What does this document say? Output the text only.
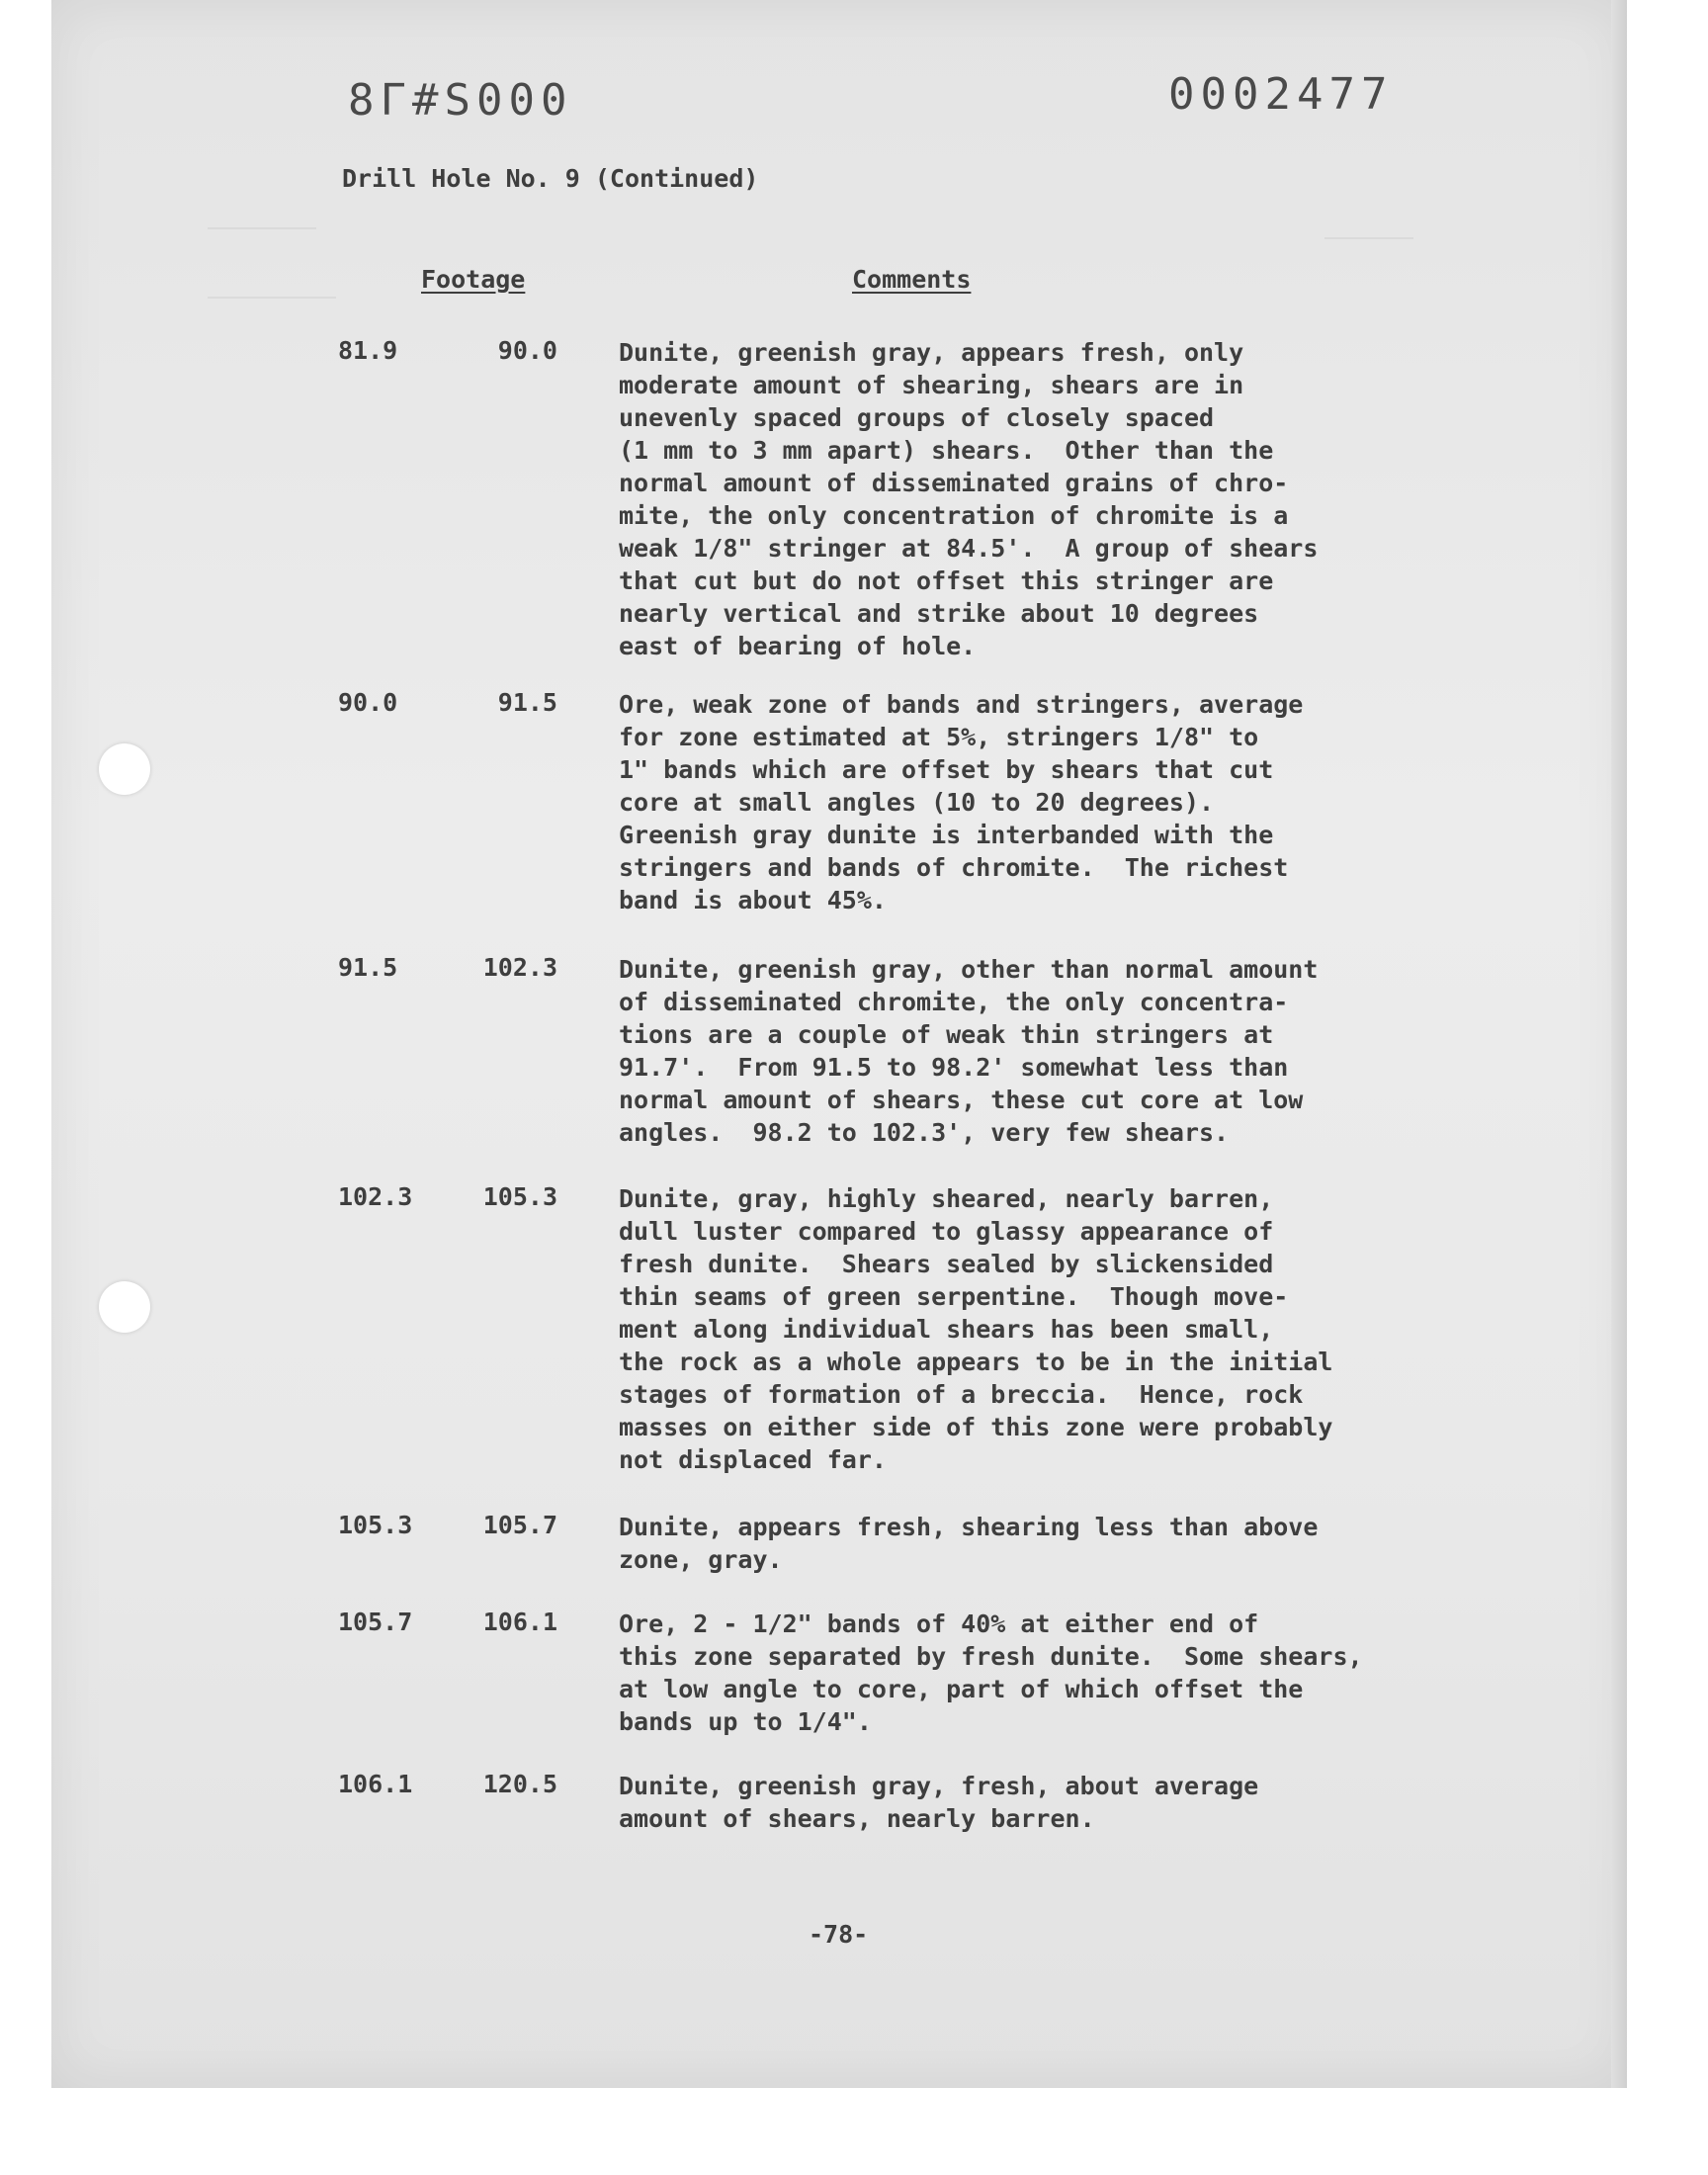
8Г#S000	0002477
Drill Hole No. 9 (Continued)
Footage	Comments
81.9	90.0 Dunite, greenish gray, appears fresh, only
moderate amount of shearing, shears are in
unevenly spaced groups of closely spaced
(1 mm to 3 mm apart) shears.  Other than the
normal amount of disseminated grains of chro-
mite, the only concentration of chromite is a
weak 1/8" stringer at 84.5'.  A group of shears
that cut but do not offset this stringer are
nearly vertical and strike about 10 degrees
east of bearing of hole.
90.0	91.5 Ore, weak zone of bands and stringers, average
for zone estimated at 5%, stringers 1/8" to
1" bands which are offset by shears that cut
core at small angles (10 to 20 degrees).
Greenish gray dunite is interbanded with the
stringers and bands of chromite.  The richest
band is about 45%.
91.5	102.3 Dunite, greenish gray, other than normal amount
of disseminated chromite, the only concentra-
tions are a couple of weak thin stringers at
91.7'.  From 91.5 to 98.2' somewhat less than
normal amount of shears, these cut core at low
angles.  98.2 to 102.3', very few shears.
102.3	105.3 Dunite, gray, highly sheared, nearly barren,
dull luster compared to glassy appearance of
fresh dunite.  Shears sealed by slickensided
thin seams of green serpentine.  Though move-
ment along individual shears has been small,
the rock as a whole appears to be in the initial
stages of formation of a breccia.  Hence, rock
masses on either side of this zone were probably
not displaced far.
105.3	105.7 Dunite, appears fresh, shearing less than above
zone, gray.
105.7	106.1 Ore, 2 - 1/2" bands of 40% at either end of
this zone separated by fresh dunite.  Some shears,
at low angle to core, part of which offset the
bands up to 1/4".
106.1	120.5 Dunite, greenish gray, fresh, about average
amount of shears, nearly barren.
-78-
